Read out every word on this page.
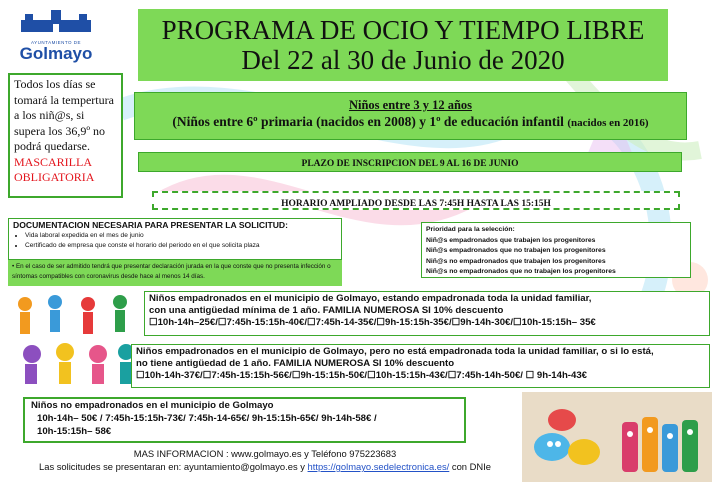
AYUNTAMIENTO DE
Golmayo
PROGRAMA DE OCIO Y TIEMPO LIBRE
Del 22 al 30 de Junio de 2020
Todos los días se tomará la tempertura a los niñ@s, si supera los 36,9º no podrá quedarse.
MASCARILLA OBLIGATORIA
Niños entre 3 y 12 años
(Niños entre 6º primaria (nacidos en 2008) y 1º de educación infantil (nacidos en 2016)
PLAZO DE INSCRIPCION DEL 9 AL 16 DE JUNIO
HORARIO AMPLIADO DESDE LAS 7:45H HASTA LAS 15:15H
DOCUMENTACION NECESARIA PARA PRESENTAR LA SOLICITUD:
• Vida laboral expedida en el mes de junio
• Certificado de empresa que conste el horario del periodo en el que solicita plaza
• En el caso de ser admitido tendrá que presentar declaración jurada en la que conste que no presenta infección o síntomas compatibles con coronavirus desde hace al menos 14 días.
Prioridad para la selección:
Niñ@s empadronados que trabajen los progenitores
Niñ@s empadronados que no trabajen los progenitores
Niñ@s no empadronados que trabajen los progenitores
Niñ@s no empadronados que no trabajen los progenitores
Niños empadronados en el municipio de Golmayo, estando empadronada toda la unidad familiar,
con una antigüedad mínima de 1 año. FAMILIA NUMEROSA SI 10% descuento
☐10h-14h–25€/☐7:45h-15:15h-40€/☐7:45h-14-35€/☐9h-15:15h-35€/☐9h-14h-30€/☐10h-15:15h– 35€
Niños empadronados en el municipio de Golmayo, pero no está empadronada toda la unidad familiar, o si lo está,
no tiene antigüedad de 1 año. FAMILIA NUMEROSA SI 10% descuento
☐10h-14h-37€/☐7:45h-15:15h-56€/☐9h-15:15h-50€/☐10h-15:15h-43€/☐7:45h-14h-50€/ ☐ 9h-14h-43€
Niños no empadronados en el municipio de Golmayo
10h-14h– 50€ / 7:45h-15:15h-73€/ 7:45h-14-65€/ 9h-15:15h-65€/ 9h-14h-58€ /
10h-15:15h– 58€
MAS INFORMACION : www.golmayo.es y Teléfono 975223683
Las solicitudes se presentaran en: ayuntamiento@golmayo.es y https://golmayo.sedelectronica.es/ con DNIe
